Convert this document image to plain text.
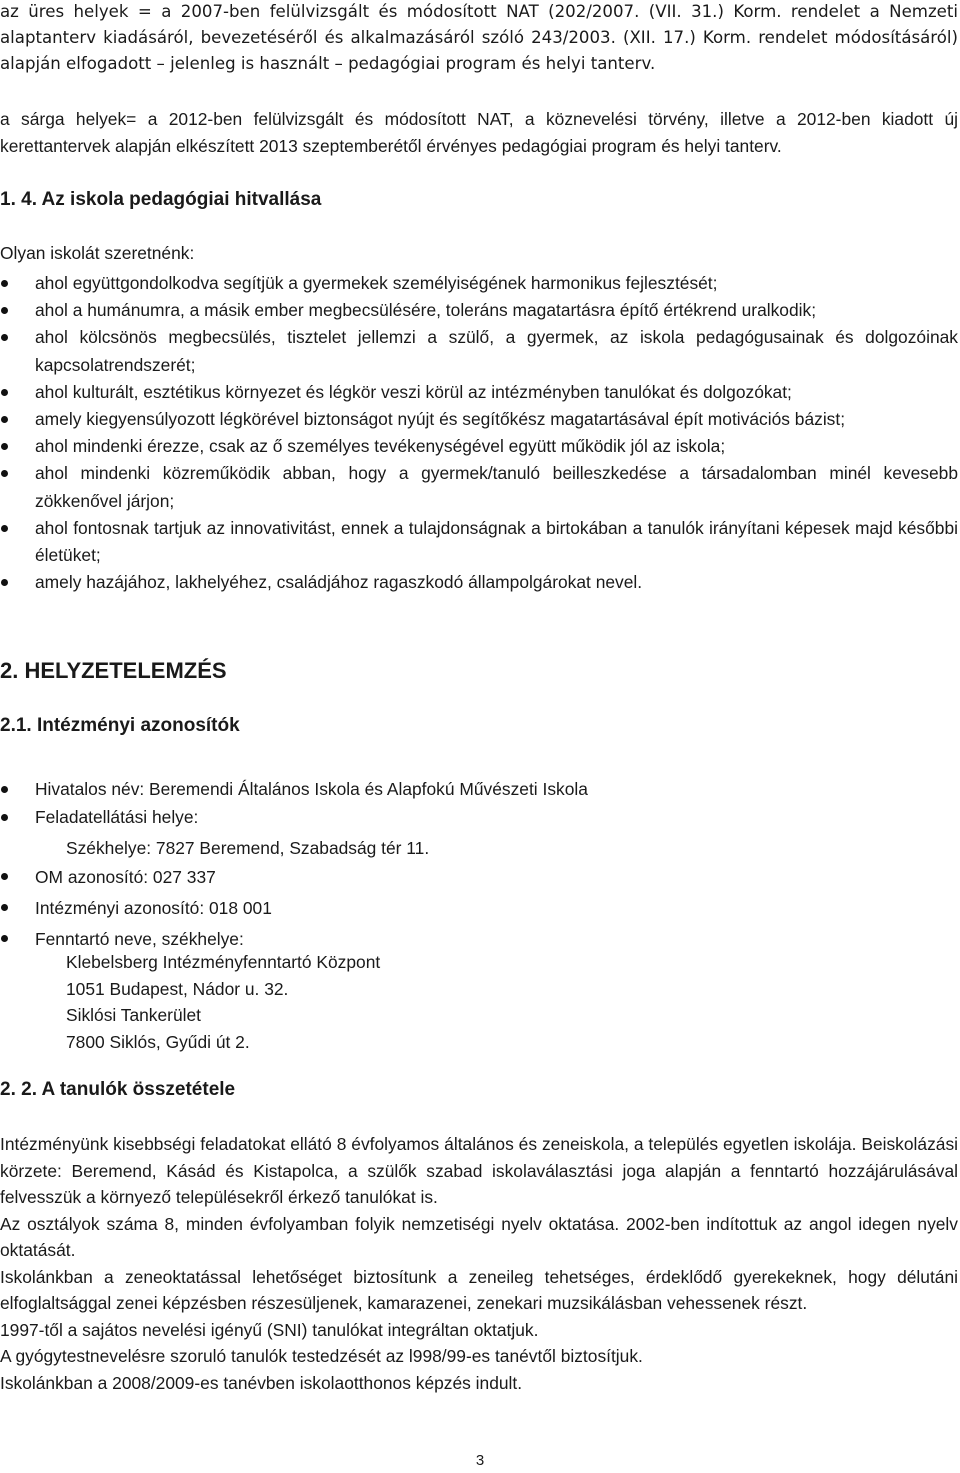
az üres helyek = a 2007-ben felülvizsgált és módosított NAT (202/2007. (VII. 31.) Korm. rendelet a Nemzeti alaptanterv kiadásáról, bevezetéséről és alkalmazásáról szóló 243/2003. (XII. 17.) Korm. rendelet módosításáról) alapján elfogadott – jelenleg is használt – pedagógiai program és helyi tanterv.

a sárga helyek= a 2012-ben felülvizsgált és módosított NAT, a köznevelési törvény, illetve a 2012-ben kiadott új kerettantervek alapján elkészített 2013 szeptemberétől érvényes pedagógiai program és helyi tanterv.

1. 4. Az iskola pedagógiai hitvallása
Olyan iskolát szeretnénk:
ahol együttgondolkodva segítjük a gyermekek személyiségének harmonikus fejlesztését;
ahol a humánumra, a másik ember megbecsülésére, toleráns magatartásra építő értékrend uralkodik;
ahol kölcsönös megbecsülés, tisztelet jellemzi a szülő, a gyermek, az iskola pedagógusainak és dolgozóinak kapcsolatrendszerét;
ahol kulturált, esztétikus környezet és légkör veszi körül az intézményben tanulókat és dolgozókat;
amely kiegyensúlyozott légkörével biztonságot nyújt és segítőkész magatartásával épít motivációs bázist;
ahol mindenki érezze, csak az ő személyes tevékenységével együtt működik jól az iskola;
ahol mindenki közreműködik abban, hogy a gyermek/tanuló beilleszkedése a társadalomban minél kevesebb zökkenővel járjon;
ahol fontosnak tartjuk az innovativitást, ennek a tulajdonságnak a birtokában a tanulók irányítani képesek majd későbbi életüket;
amely hazájához, lakhelyéhez, családjához ragaszkodó állampolgárokat nevel.
2. HELYZETELEMZÉS
2.1. Intézményi azonosítók
Hivatalos név: Beremendi Általános Iskola és Alapfokú Művészeti Iskola
Feladatellátási helye:
Székhelye: 7827 Beremend, Szabadság tér 11.
OM azonosító: 027 337
Intézményi azonosító: 018 001
Fenntartó neve, székhelye:
Klebelsberg Intézményfenntartó Központ
1051 Budapest, Nádor u. 32.
Siklósi Tankerület
7800 Siklós, Gyűdi út 2.
2. 2. A tanulók összetétele

Intézményünk kisebbségi feladatokat ellátó 8 évfolyamos általános és zeneiskola, a település egyetlen iskolája. Beiskolázási körzete: Beremend, Kásád és Kistapolca, a szülők szabad iskolaválasztási joga alapján a fenntartó hozzájárulásával felvesszük a környező településekről érkező tanulókat is.

Az osztályok száma 8, minden évfolyamban folyik nemzetiségi nyelv oktatása. 2002-ben indítottuk az angol idegen nyelv oktatását.

Iskolánkban a zeneoktatással lehetőséget biztosítunk a zeneileg tehetséges, érdeklődő gyerekeknek, hogy délutáni elfoglaltsággal zenei képzésben részesüljenek, kamarazenei, zenekari muzsikálásban vehessenek részt.

1997-től a sajátos nevelési igényű (SNI) tanulókat integráltan oktatjuk.

A gyógytestnevelésre szoruló tanulók testedzését az l998/99-es tanévtől biztosítjuk.

Iskolánkban a 2008/2009-es tanévben iskolaotthonos képzés indult.

3
